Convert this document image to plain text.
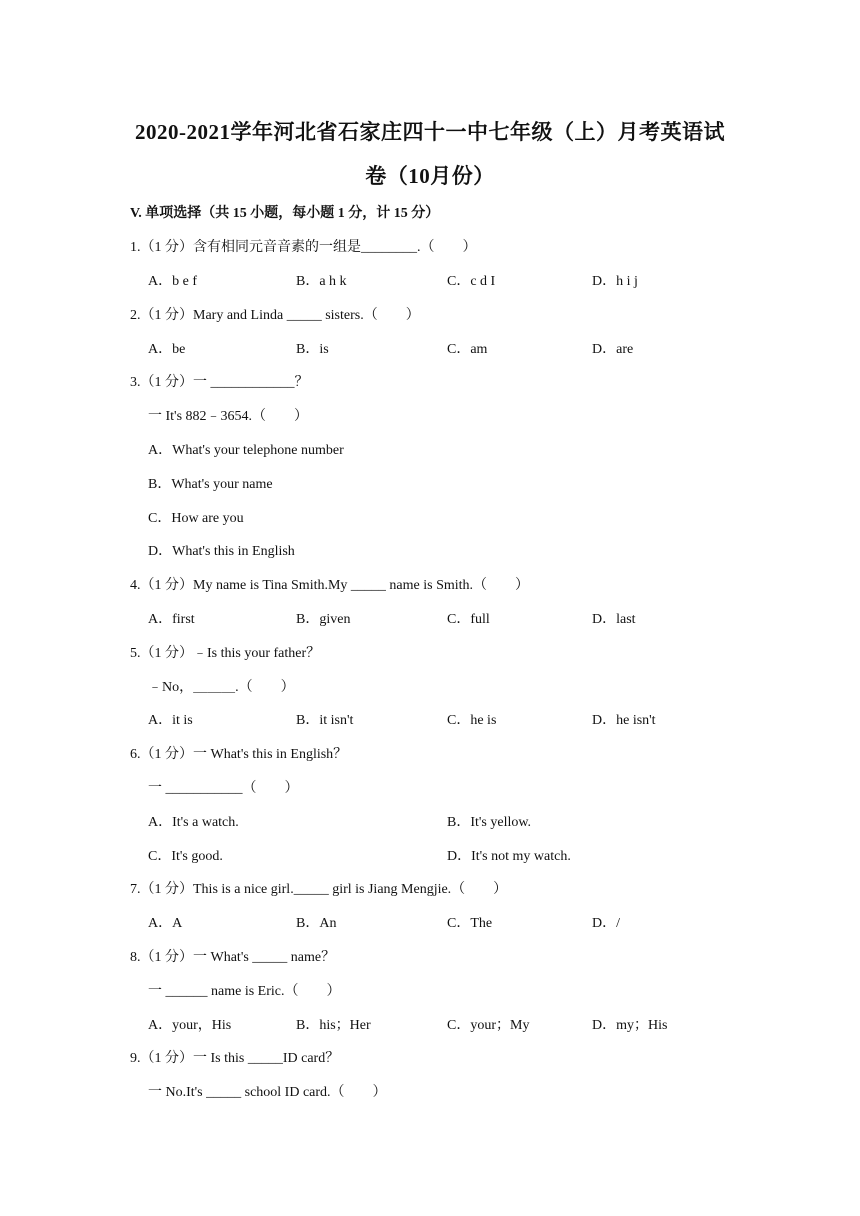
2020-2021学年河北省石家庄四十一中七年级（上）月考英语试
卷（10月份）
V. 单项选择（共 15 小题，每小题 1 分，计 15 分）
1.（1 分）含有相同元音音素的一组是________.（　　）
A．b e f	B．a h k	C．c d I	D．h i j
2.（1 分）Mary and Linda _____ sisters.（　　）
A．be	B．is	C．am	D．are
3.（1 分）一 ____________？
一 It's 882﹣3654.（　　）
A．What's your telephone number
B．What's your name
C．How are you
D．What's this in English
4.（1 分）My name is Tina Smith.My _____ name is Smith.（　　）
A．first	B．given	C．full	D．last
5.（1 分）﹣Is this your father？
﹣No，＿＿＿.（　　）
A．it is	B．it isn't	C．he is	D．he isn't
6.（1 分）一 What's this in English？
一 ___________（　　）
A．It's a watch.	B．It's yellow.
C．It's good.	D．It's not my watch.
7.（1 分）This is a nice girl._____ girl is Jiang Mengjie.（　　）
A．A	B．An	C．The	D．/
8.（1 分）一 What's _____ name？
一 ______ name is Eric.（　　）
A．your，His	B．his；Her	C．your；My	D．my；His
9.（1 分）一 Is this _____ID card？
一 No.It's _____ school ID card.（　　）
